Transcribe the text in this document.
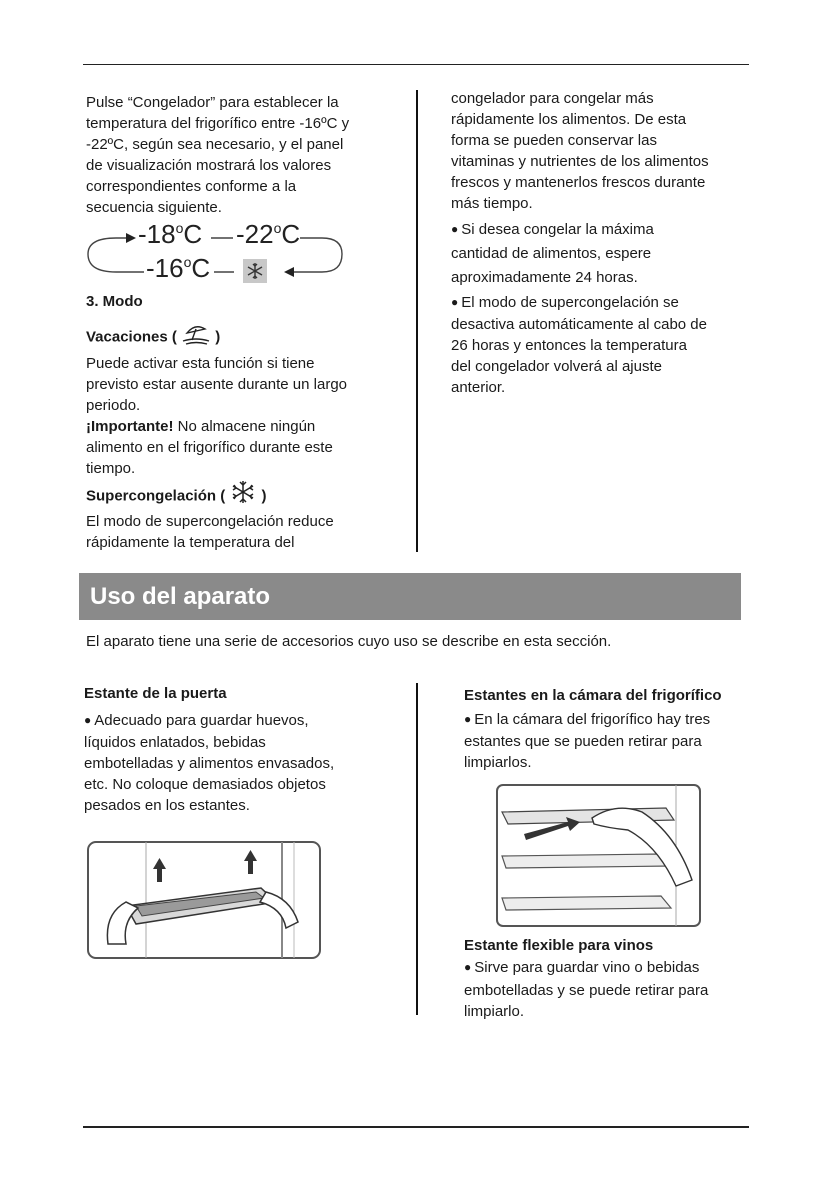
Pulse “Congelador” para establecer la

temperatura del frigorífico entre -16ºC y

-22ºC, según sea necesario, y el panel

de visualización mostrará los valores

correspondientes conforme a la

secuencia siguiente.

-18$^o$C -22$^o$C
-16$^o$C

3. Modo

Vacaciones (	)

Puede activar esta función si tiene

previsto estar ausente durante un largo

periodo.

¡Importante! No almacene ningún

alimento en el frigorífico durante este

tiempo.

Supercongelación ( )

El modo de supercongelación reduce

rápidamente la temperatura del

congelador para congelar más

rápidamente los alimentos. De esta

forma se pueden conservar las

vitaminas y nutrientes de los alimentos

frescos y mantenerlos frescos durante

más tiempo.

● Si desea congelar la máxima

cantidad de alimentos, espere

aproximadamente 24 horas.

● El modo de supercongelación se

desactiva automáticamente al cabo de

26 horas y entonces la temperatura

del congelador volverá al ajuste

anterior.

Uso del aparato

El aparato tiene una serie de accesorios cuyo uso se describe en esta sección.

Estante de la puerta

● Adecuado para guardar huevos,

líquidos enlatados, bebidas

embotelladas y alimentos envasados,

etc. No coloque demasiados objetos

pesados en los estantes.

Estantes en la cámara del frigorífico

● En la cámara del frigorífico hay tres

estantes que se pueden retirar para

limpiarlos.

Estante flexible para vinos

● Sirve para guardar vino o bebidas

embotelladas y se puede retirar para

limpiarlo.
